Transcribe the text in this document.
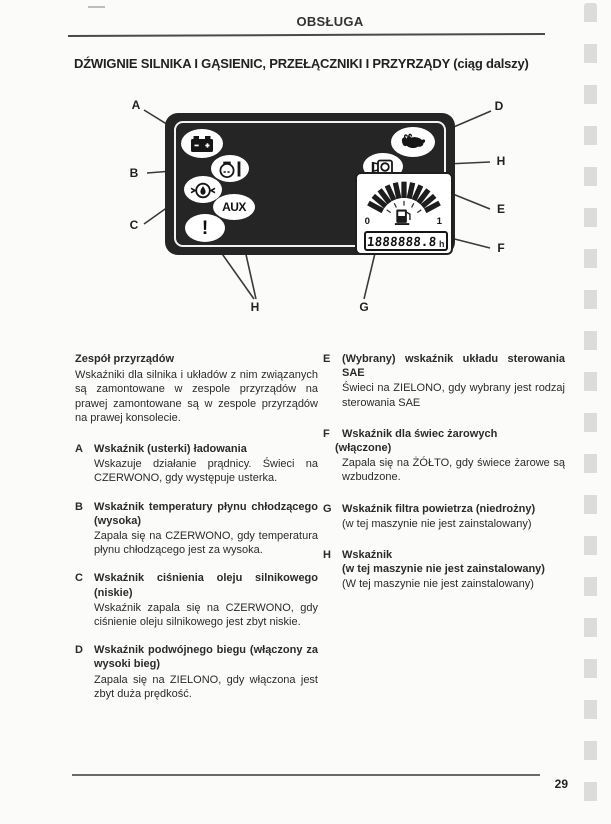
OBSŁUGA
DŹWIGNIE SILNIKA I GĄSIENIC, PRZEŁĄCZNIKI I PRZYRZĄDY (ciąg dalszy)
A
B
C
D
H
E
F
G
H
AUX
!	0	1
1888888.8 h
Zespół przyrządów
Wskaźniki dla silnika i układów z nim związanych są zamontowane w zespole przyrządów na prawej zamontowane są w zespole przyrządów na prawej konsolecie.
A	Wskaźnik (usterki) ładowania
Wskazuje działanie prądnicy. Świeci na CZERWONO, gdy występuje usterka.
B	Wskaźnik temperatury płynu chłodzącego (wysoka)
Zapala się na CZERWONO, gdy temperatura płynu chłodzącego jest za wysoka.
C	Wskaźnik ciśnienia oleju silnikowego (niskie)
Wskaźnik zapala się na CZERWONO, gdy ciśnienie oleju silnikowego jest zbyt niskie.
D	Wskaźnik podwójnego biegu (włączony za wysoki bieg)
Zapala się na ZIELONO, gdy włączona jest zbyt duża prędkość.
E	(Wybrany) wskaźnik układu sterowania SAE
Świeci na ZIELONO, gdy wybrany jest rodzaj sterowania SAE
F	Wskaźnik dla świec żarowych
(włączone)
Zapala się na ŻÓŁTO, gdy świece żarowe są wzbudzone.
G Wskaźnik filtra powietrza (niedrożny)
(w tej maszynie nie jest zainstalowany)
H	Wskaźnik
(w tej maszynie nie jest zainstalowany)
(W tej maszynie nie jest zainstalowany)
29
